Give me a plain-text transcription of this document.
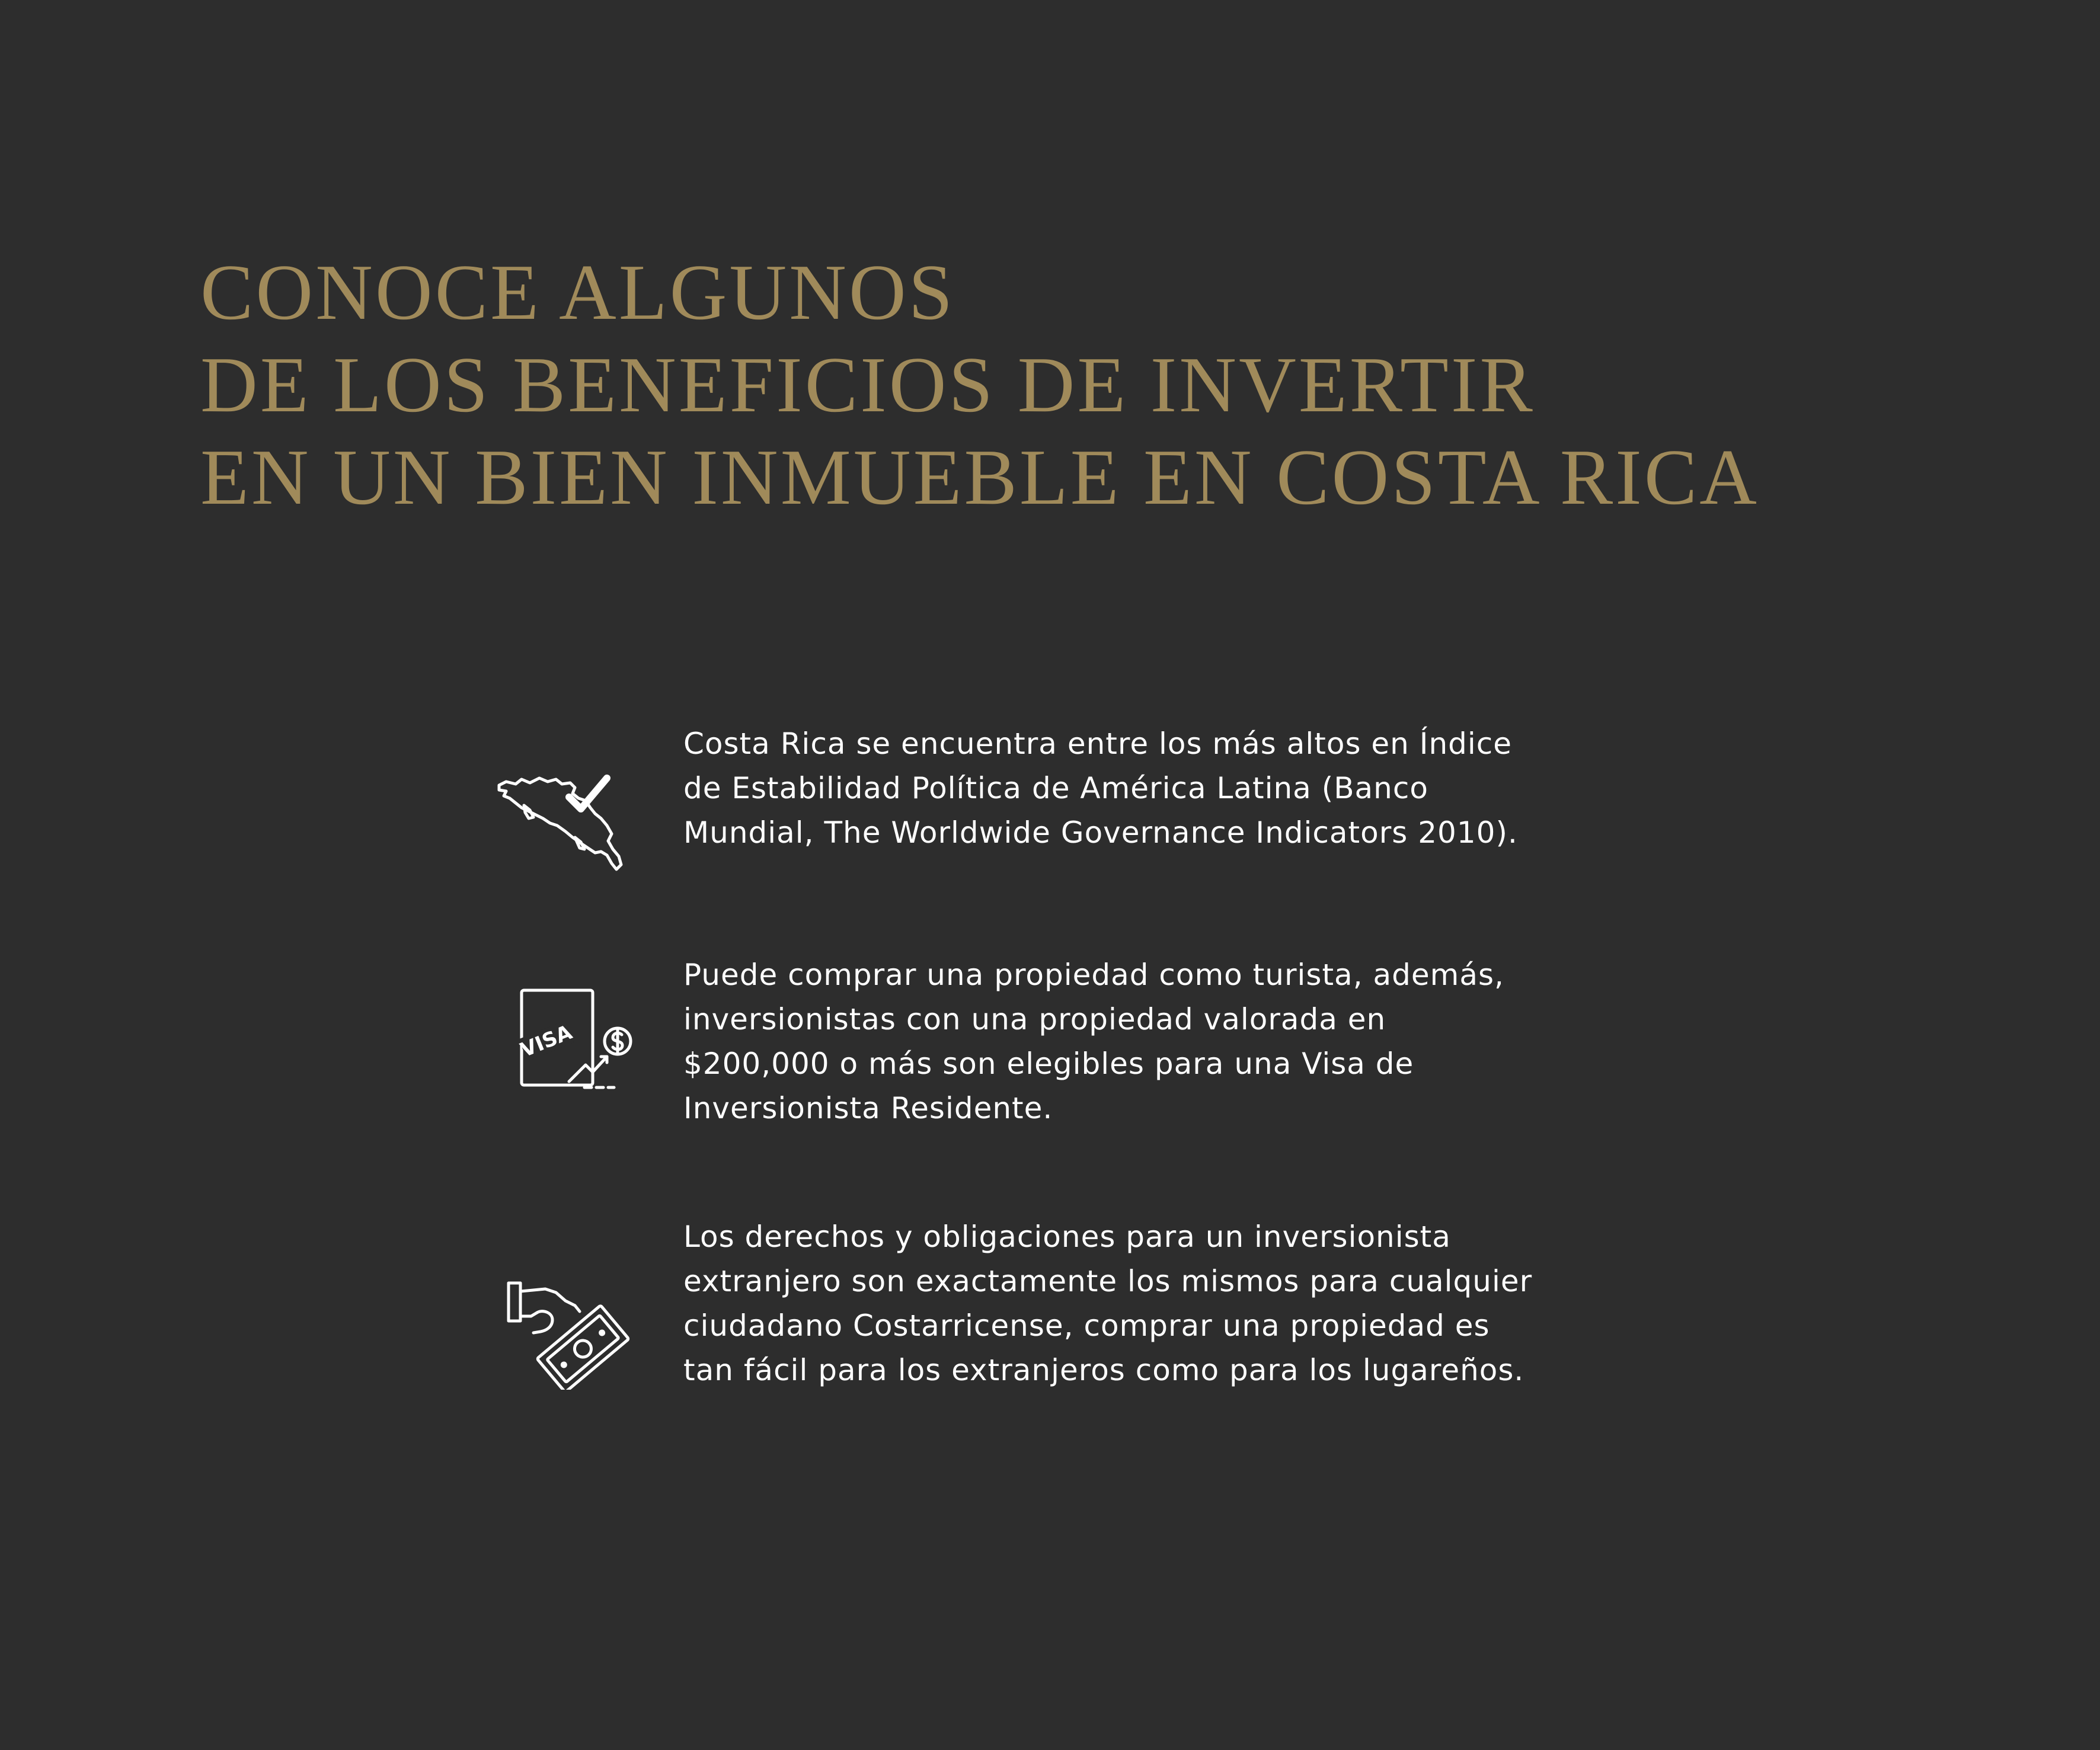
CONOCE ALGUNOS
DE LOS BENEFICIOS DE INVERTIR
EN UN BIEN INMUEBLE EN COSTA RICA

Costa Rica se encuentra entre los más altos en Índice de Estabilidad Política de América Latina (Banco Mundial, The Worldwide Governance Indicators 2010).

VISA

Puede comprar una propiedad como turista, además, inversionistas con una propiedad valorada en $200,000 o más son elegibles para una Visa de Inversionista Residente.

Los derechos y obligaciones para un inversionista extranjero son exactamente los mismos para cualquier ciudadano Costarricense, comprar una propiedad es tan fácil para los extranjeros como para los lugareños.
